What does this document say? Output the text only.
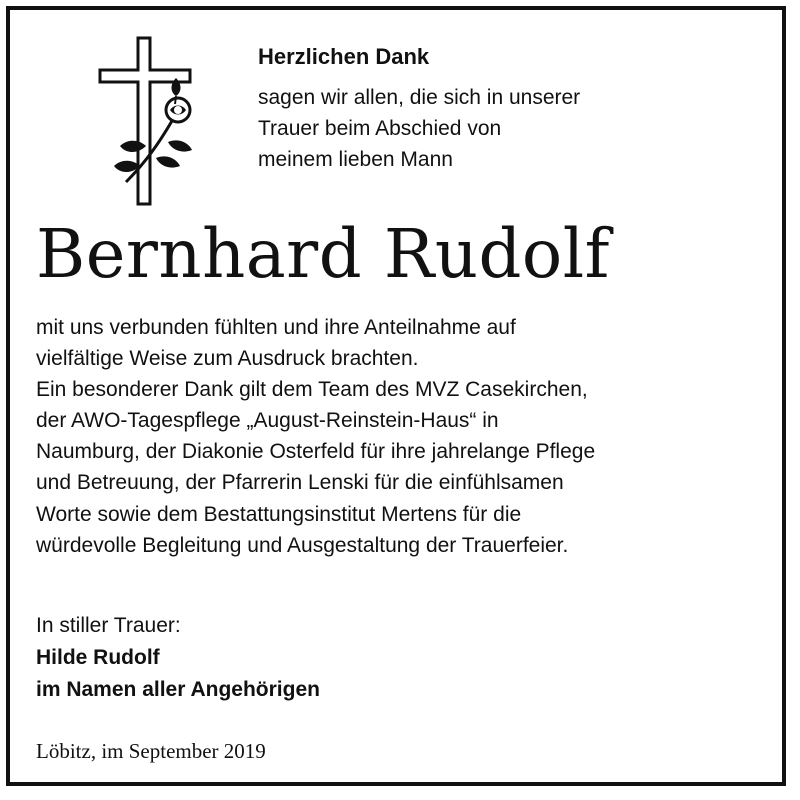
Herzlichen Dank
sagen wir allen, die sich in unserer
Trauer beim Abschied von
meinem lieben Mann
Bernhard Rudolf
mit uns verbunden fühlten und ihre Anteilnahme auf
vielfältige Weise zum Ausdruck brachten.
Ein besonderer Dank gilt dem Team des MVZ Casekirchen,
der AWO-Tagespflege „August-Reinstein-Haus“ in
Naumburg, der Diakonie Osterfeld für ihre jahrelange Pflege
und Betreuung, der Pfarrerin Lenski für die einfühlsamen
Worte sowie dem Bestattungsinstitut Mertens für die
würdevolle Begleitung und Ausgestaltung der Trauerfeier.
In stiller Trauer:
Hilde Rudolf
im Namen aller Angehörigen
Löbitz, im September 2019
